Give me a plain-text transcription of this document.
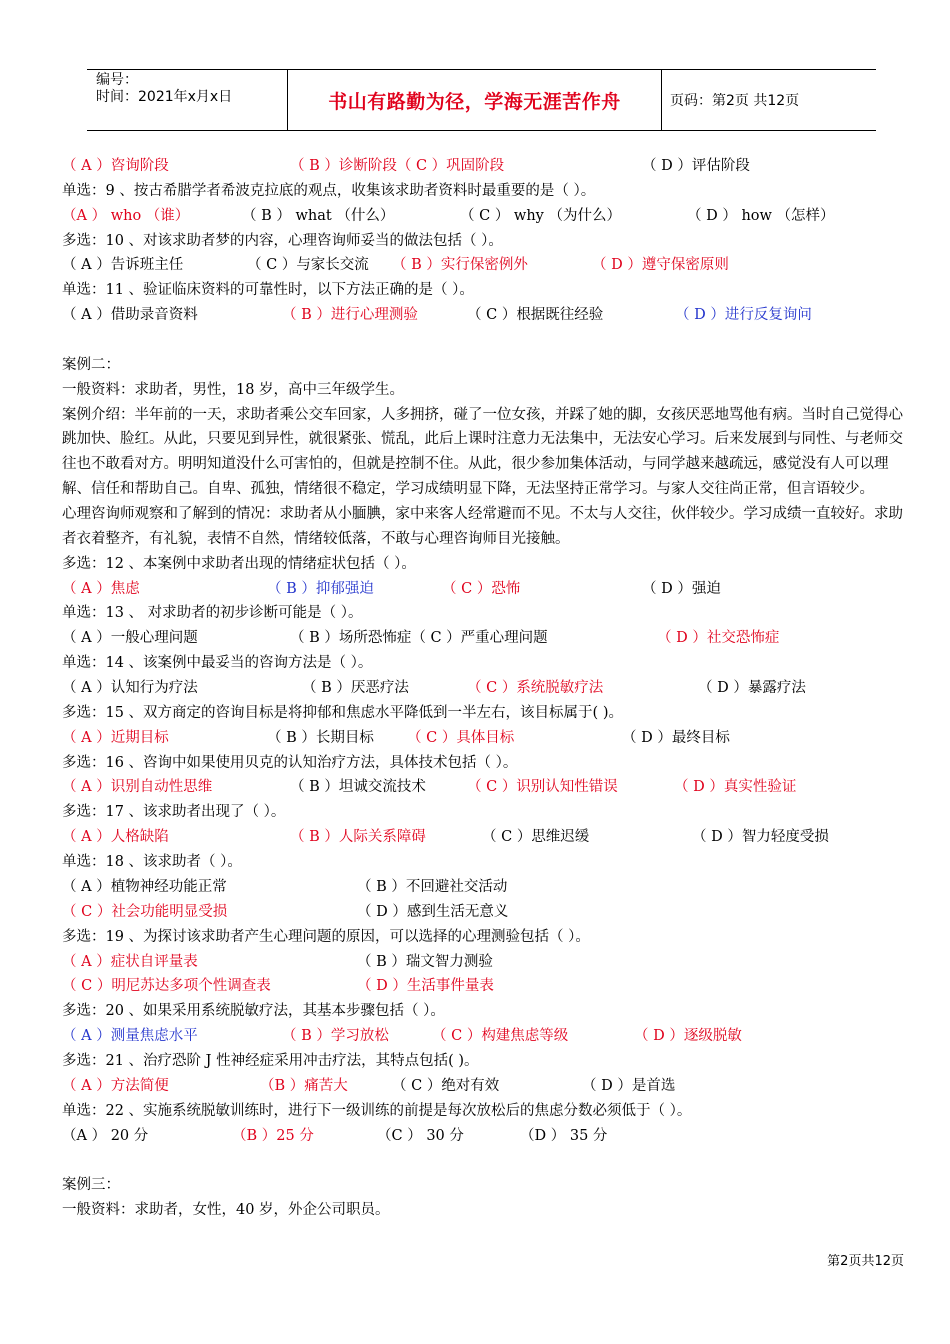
编号：
时间：2021年x月x日	书山有路勤为径，学海无涯苦作舟	页码：第2页 共12页
（ A ）咨询阶段	（ B ）诊断阶段（ C ）巩固阶段	（ D ）评估阶段
单选：9 、按古希腊学者希波克拉底的观点，收集该求助者资料时最重要的是（ ）。
（A ） who （谁）	（ B ） what （什么）	（ C ） why （为什么）	（ D ） how （怎样）
多选：10 、对该求助者梦的内容，心理咨询师妥当的做法包括（ ）。
（ A ）告诉班主任	（ C ）与家长交流 （ B ）实行保密例外	（ D ）遵守保密原则
单选：11 、验证临床资料的可靠性时，以下方法正确的是（ ）。
（ A ）借助录音资料	（ B ）进行心理测验	（ C ）根据既往经验	（ D ）进行反复询问
案例二：
一般资料：求助者，男性，18 岁，高中三年级学生。
案例介绍：半年前的一天，求助者乘公交车回家，人多拥挤，碰了一位女孩，并踩了她的脚，女孩厌恶地骂他有病。当时自己觉得心跳加快、脸红。从此，只要见到异性，就很紧张、慌乱，此后上课时注意力无法集中，无法安心学习。后来发展到与同性、与老师交往也不敢看对方。明明知道没什么可害怕的，但就是控制不住。从此，很少参加集体活动，与同学越来越疏远，感觉没有人可以理解、信任和帮助自己。自卑、孤独，情绪很不稳定，学习成绩明显下降，无法坚持正常学习。与家人交往尚正常，但言语较少。
心理咨询师观察和了解到的情况：求助者从小腼腆，家中来客人经常避而不见。不太与人交往，伙伴较少。学习成绩一直较好。求助者衣着整齐，有礼貌，表情不自然，情绪较低落，不敢与心理咨询师目光接触。
多选：12 、本案例中求助者出现的情绪症状包括（ ）。
（ A ）焦虑	（ B ）抑郁强迫	（ C ）恐怖	（ D ）强迫
单选：13 、 对求助者的初步诊断可能是（ ）。
（ A ）一般心理问题	（ B ）场所恐怖症（ C ）严重心理问题	（ D ）社交恐怖症
单选：14 、该案例中最妥当的咨询方法是（ ）。
（ A ）认知行为疗法	（ B ）厌恶疗法	（ C ）系统脱敏疗法	（ D ）暴露疗法
多选：15 、双方商定的咨询目标是将抑郁和焦虑水平降低到一半左右，该目标属于( )。
（ A ）近期目标	（ B ）长期目标 （ C ）具体目标	（ D ）最终目标
多选：16 、咨询中如果使用贝克的认知治疗方法，具体技术包括（ ）。
（ A ）识别自动性思维	（ B ）坦诚交流技术	（ C ）识别认知性错误	（ D ）真实性验证
多选：17 、该求助者出现了（ ）。
（ A ）人格缺陷	（ B ）人际关系障碍	（ C ）思维迟缓	（ D ）智力轻度受损
单选：18 、该求助者（ ）。
（ A ）植物神经功能正常	（ B ）不回避社交活动
（ C ）社会功能明显受损	（ D ）感到生活无意义
多选：19 、为探讨该求助者产生心理问题的原因，可以选择的心理测验包括（ ）。
（ A ）症状自评量表	（ B ）瑞文智力测验
（ C ）明尼苏达多项个性调查表	（ D ）生活事件量表
多选：20 、如果采用系统脱敏疗法，其基本步骤包括（ ）。
（ A ）测量焦虑水平	（ B ）学习放松	（ C ）构建焦虑等级	（ D ）逐级脱敏
多选：21 、治疗恐阶 J 性神经症采用冲击疗法，其特点包括( )。
（ A ）方法简便	（B ）痛苦大	（ C ）绝对有效	（ D ）是首选
单选：22 、实施系统脱敏训练时，进行下一级训练的前提是每次放松后的焦虑分数必须低于（ ）。
（A ） 20 分	（B ）25 分	（C ） 30 分	（D ） 35 分
案例三：
一般资料：求助者，女性，40 岁，外企公司职员。
第2页共12页
